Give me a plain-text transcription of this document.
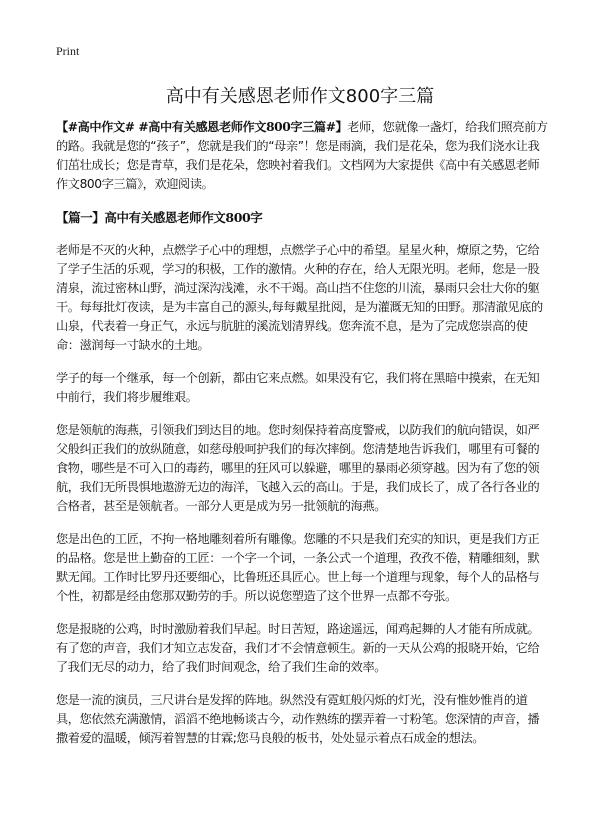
Print
高中有关感恩老师作文800字三篇

【#高中作文# #高中有关感恩老师作文800字三篇#】老师，您就像一盏灯，给我们照亮前方的路。我就是您的“孩子”，您就是我们的“母亲”！您是雨滴，我们是花朵，您为我们浇水让我们茁壮成长；您是青草，我们是花朵，您映衬着我们。文档网为大家提供《高中有关感恩老师作文800字三篇》，欢迎阅读。

【篇一】高中有关感恩老师作文800字

老师是不灭的火种，点燃学子心中的理想，点燃学子心中的希望。星星火种，燎原之势，它给了学子生活的乐观，学习的积极，工作的激情。火种的存在，给人无限光明。老师，您是一股清泉，流过密林山野，淌过深沟浅滩，永不干竭。高山挡不住您的川流，暴雨只会壮大你的躯干。每每批灯夜读，是为丰富自己的源头,每每戴星批阅，是为灌溉无知的田野。那清澈见底的山泉，代表着一身正气，永远与肮脏的溪流划清界线。您奔流不息，是为了完成您崇高的使命：滋润每一寸缺水的土地。

学子的每一个继承，每一个创新，都由它来点燃。如果没有它，我们将在黑暗中摸索，在无知中前行，我们将步履维艰。

您是领航的海燕，引领我们到达目的地。您时刻保持着高度警戒，以防我们的航向错误，如严父般纠正我们的放纵随意，如慈母般呵护我们的每次摔倒。您清楚地告诉我们，哪里有可餐的食物，哪些是不可入口的毒药，哪里的狂风可以躲避，哪里的暴雨必须穿越。因为有了您的领航，我们无所畏惧地遨游无边的海洋，飞越入云的高山。于是，我们成长了，成了各行各业的合格者，甚至是领航者。一部分人更是成为另一批领航的海燕。

您是出色的工匠，不拘一格地雕刻着所有雕像。您雕的不只是我们充实的知识，更是我们方正的品格。您是世上勤奋的工匠：一个字一个词，一条公式一个道理，孜孜不倦，精雕细刻，默默无闻。工作时比罗丹还要细心，比鲁班还具匠心。世上每一个道理与现象，每个人的品格与个性，初都是经由您那双勤劳的手。所以说您塑造了这个世界一点都不夸张。

您是报晓的公鸡，时时激励着我们早起。时日苦短，路途遥远，闻鸡起舞的人才能有所成就。有了您的声音，我们才知立志发奋，我们才不会情意顿生。新的一天从公鸡的报晓开始，它给了我们无尽的动力，给了我们时间观念，给了我们生命的效率。

您是一流的演员，三尺讲台是发挥的阵地。纵然没有霓虹般闪烁的灯光，没有惟妙惟肖的道具，您依然充满激情，滔滔不绝地畅谈古今，动作熟练的摆弄着一寸粉笔。您深情的声音，播撒着爱的温暖，倾泻着智慧的甘霖;您马良般的板书，处处显示着点石成金的想法。
